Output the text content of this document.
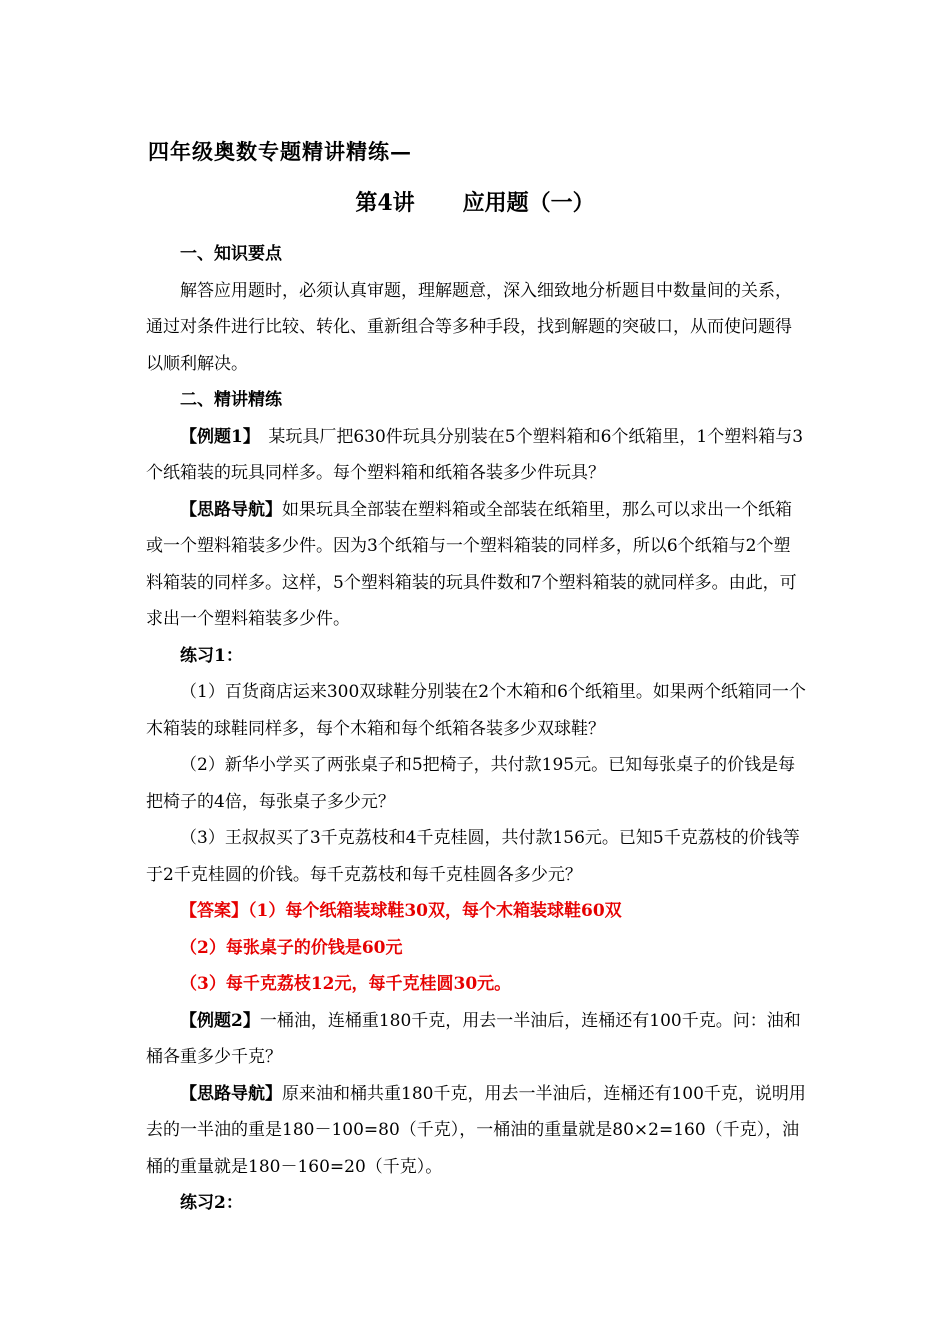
四年级奥数专题精讲精练—
第4讲 应用题（一）

一、知识要点

解答应用题时，必须认真审题，理解题意，深入细致地分析题目中数量间的关系，通过对条件进行比较、转化、重新组合等多种手段，找到解题的突破口，从而使问题得以顺利解决。

二、精讲精练

【例题1】　某玩具厂把630件玩具分别装在5个塑料箱和6个纸箱里，1个塑料箱与3个纸箱装的玩具同样多。每个塑料箱和纸箱各装多少件玩具？

【思路导航】如果玩具全部装在塑料箱或全部装在纸箱里，那么可以求出一个纸箱或一个塑料箱装多少件。因为3个纸箱与一个塑料箱装的同样多，所以6个纸箱与2个塑料箱装的同样多。这样，5个塑料箱装的玩具件数和7个塑料箱装的就同样多。由此，可求出一个塑料箱装多少件。

练习1：

（1）百货商店运来300双球鞋分别装在2个木箱和6个纸箱里。如果两个纸箱同一个木箱装的球鞋同样多，每个木箱和每个纸箱各装多少双球鞋？

（2）新华小学买了两张桌子和5把椅子，共付款195元。已知每张桌子的价钱是每把椅子的4倍，每张桌子多少元？

（3）王叔叔买了3千克荔枝和4千克桂圆，共付款156元。已知5千克荔枝的价钱等于2千克桂圆的价钱。每千克荔枝和每千克桂圆各多少元？

【答案】（1）每个纸箱装球鞋30双，每个木箱装球鞋60双

（2）每张桌子的价钱是60元

（3）每千克荔枝12元，每千克桂圆30元。

【例题2】一桶油，连桶重180千克，用去一半油后，连桶还有100千克。问：油和桶各重多少千克？

【思路导航】原来油和桶共重180千克，用去一半油后，连桶还有100千克，说明用去的一半油的重是180－100=80（千克），一桶油的重量就是80×2=160（千克），油桶的重量就是180－160=20（千克）。

练习2：
